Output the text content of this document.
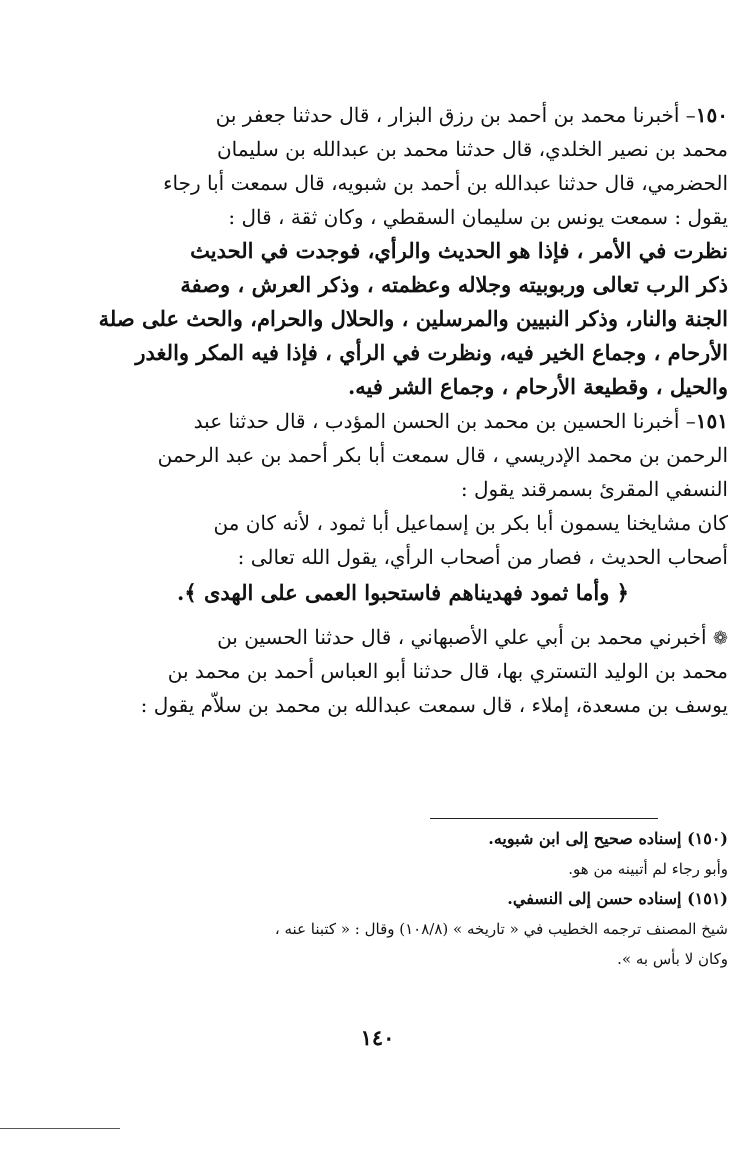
١٥٠– أخبرنا محمد بن أحمد بن رزق البزار ، قال حدثنا جعفر بن

محمد بن نصير الخلدي، قال حدثنا محمد بن عبدالله بن سليمان

الحضرمي، قال حدثنا عبدالله بن أحمد بن شبويه، قال سمعت أبا رجاء

يقول : سمعت يونس بن سليمان السقطي ، وكان ثقة ، قال :

نظرت في الأمر ، فإذا هو الحديث والرأي، فوجدت في الحديث

ذكر الرب تعالى وربوبيته وجلاله وعظمته ، وذكر العرش ، وصفة

الجنة والنار، وذكر النبيين والمرسلين ، والحلال والحرام، والحث على صلة

الأرحام ، وجماع الخير فيه، ونظرت في الرأي ، فإذا فيه المكر والغدر

والحيل ، وقطيعة الأرحام ، وجماع الشر فيه.

١٥١– أخبرنا الحسين بن محمد بن الحسن المؤدب ، قال حدثنا عبد

الرحمن بن محمد الإدريسي ، قال سمعت أبا بكر أحمد بن عبد الرحمن

النسفي المقرئ بسمرقند يقول :

كان مشايخنا يسمون أبا بكر بن إسماعيل أبا ثمود ، لأنه كان من

أصحاب الحديث ، فصار من أصحاب الرأي، يقول الله تعالى :

﴿ وأما ثمود فهديناهم فاستحبوا العمى على الهدى ﴾.

❁ أخبرني محمد بن أبي علي الأصبهاني ، قال حدثنا الحسين بن

محمد بن الوليد التستري بها، قال حدثنا أبو العباس أحمد بن محمد بن

يوسف بن مسعدة، إملاء ، قال سمعت عبدالله بن محمد بن سلاّم يقول :

(١٥٠) إسناده صحيح إلى ابن شبويه.

وأبو رجاء لم أتبينه من هو.

(١٥١) إسناده حسن إلى النسفي.

شيخ المصنف ترجمه الخطيب في « تاريخه » (١٠٨/٨) وقال : « كتبنا عنه ،

وكان لا بأس به ».

١٤٠
